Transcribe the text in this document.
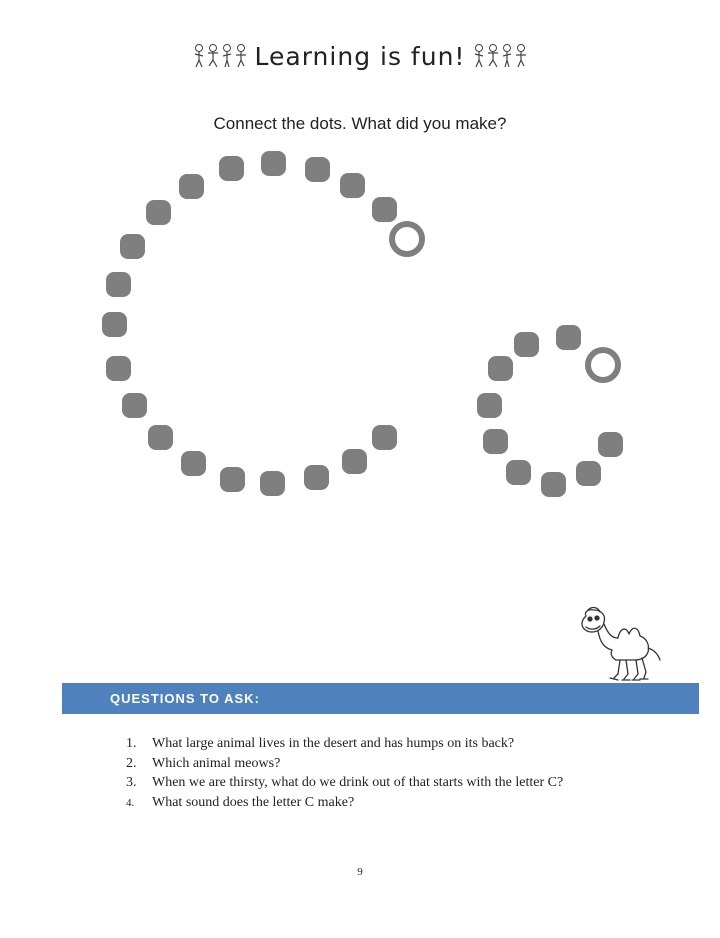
Learning is fun!
Connect the dots. What did you make?
QUESTIONS TO ASK:
1.	What large animal lives in the desert and has humps on its back?
2.	Which animal meows?
3.	When we are thirsty, what do we drink out of that starts with the letter C?
4.	What sound does the letter C make?
9
